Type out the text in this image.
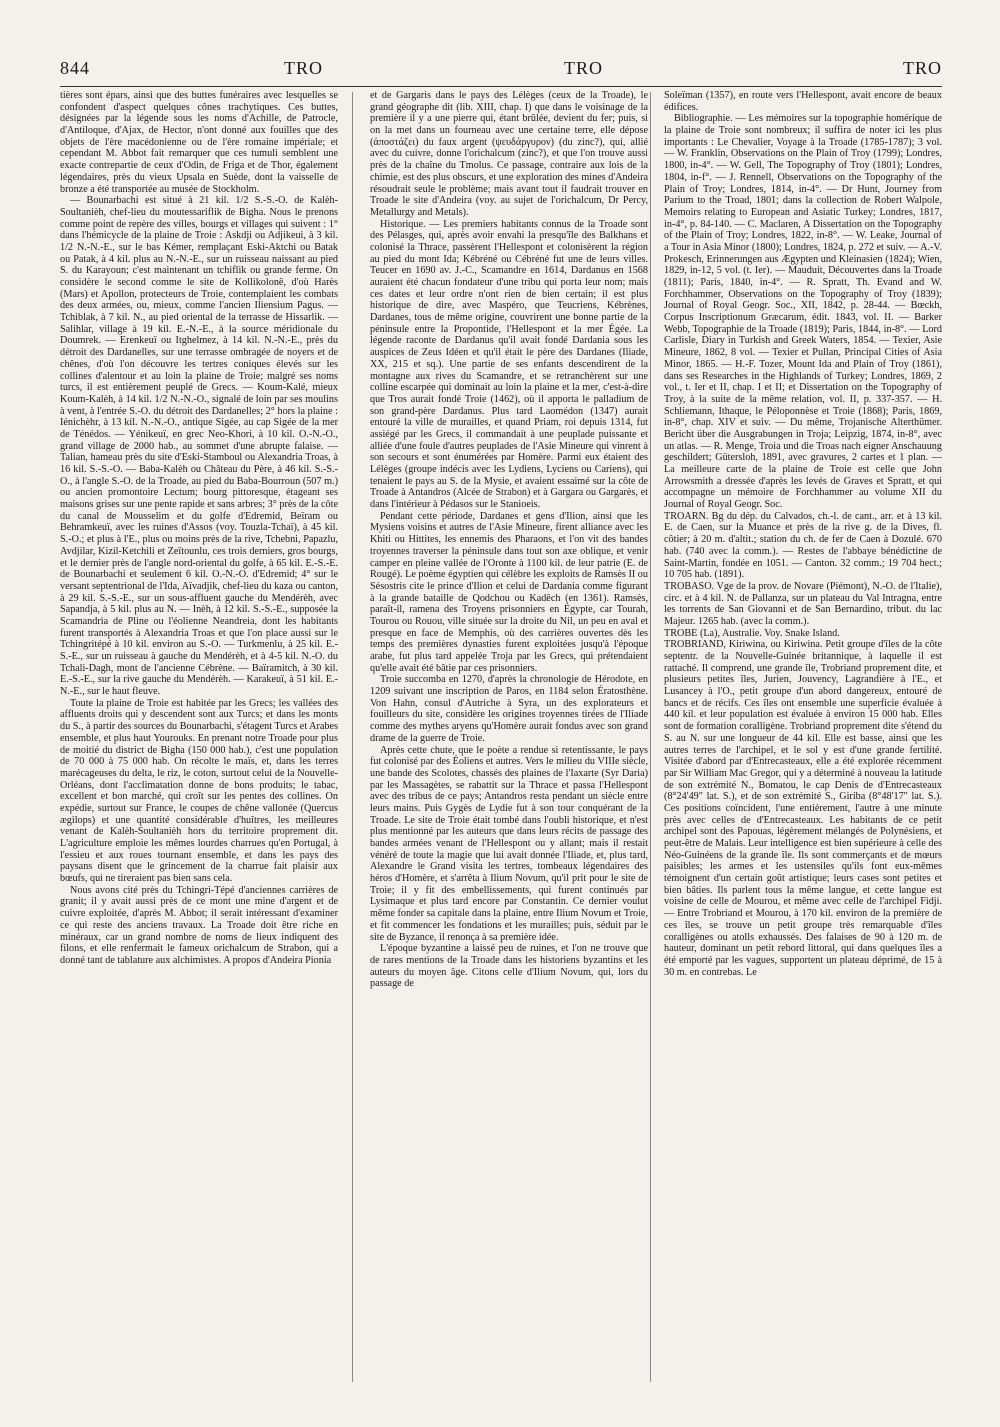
844	TRO	TRO	TRO

tières sont épars, ainsi que des buttes funéraires avec lesquelles se confondent d'aspect quelques cônes trachytiques. Ces buttes, désignées par la légende sous les noms d'Achille, de Patrocle, d'Antiloque, d'Ajax, de Hector, n'ont donné aux fouilles que des objets de l'ère macédonienne ou de l'ère romaine impériale; et cependant M. Abbot fait remarquer que ces tumuli semblent une exacte contrepartie de ceux d'Odin, de Friga et de Thor, également légendaires, près du vieux Upsala en Suède, dont la vaisselle de bronze a été transportée au musée de Stockholm.

— Bounarbachi est situé à 21 kil. 1/2 S.-S.-O. de Kalèh-Soultanièh, chef-lieu du moutessariflik de Bigha. Nous le prenons comme point de repère des villes, bourgs et villages qui suivent : 1° dans l'hémicycle de la plaine de Troie : Askdji ou Adjikeui, à 3 kil. 1/2 N.-N.-E., sur le bas Kémer, remplaçant Eski-Aktchi ou Batak ou Patak, à 4 kil. plus au N.-N.-E., sur un ruisseau naissant au pied S. du Karayoun; c'est maintenant un tchiflik ou grande ferme. On considère le second comme le site de Kollikolonê, d'où Harès (Mars) et Apollon, protecteurs de Troie, contemplaient les combats des deux armées, ou, mieux, comme l'ancien Iliensium Pagus. — Tchiblak, à 7 kil. N., au pied oriental de la terrasse de Hissarlik. — Salihlar, village à 19 kil. E.-N.-E., à la source méridionale du Doumrek. — Erenkeuï ou Itghelmez, à 14 kil. N.-N.-E., près du détroit des Dardanelles, sur une terrasse ombragée de noyers et de chênes, d'où l'on découvre les tertres coniques élevés sur les collines d'alentour et au loin la plaine de Troie; malgré ses noms turcs, il est entièrement peuplé de Grecs. — Koum-Kalé, mieux Koum-Kalèh, à 14 kil. 1/2 N.-N.-O., signalé de loin par ses moulins à vent, à l'entrée S.-O. du détroit des Dardanelles; 2° hors la plaine : Iénichèhr, à 13 kil. N.-N.-O., antique Sigée, au cap Sigée de la mer de Ténédos. — Yénikeuï, en grec Neo-Khori, à 10 kil. O.-N.-O., grand village de 2000 hab., au sommet d'une abrupte falaise. — Talian, hameau près du site d'Eski-Stamboul ou Alexandria Troas, à 16 kil. S.-S.-O. — Baba-Kalèh ou Château du Père, à 46 kil. S.-S.-O., à l'angle S.-O. de la Troade, au pied du Baba-Bourroun (507 m.) ou ancien promontoire Lectum; bourg pittoresque, étageant ses maisons grises sur une pente rapide et sans arbres; 3° près de la côte du canal de Mousselim et du golfe d'Edremid, Beïram ou Behramkeuï, avec les ruines d'Assos (voy. Touzla-Tchaï), à 45 kil. S.-O.; et plus à l'E., plus ou moins près de la rive, Tchebni, Papazlu, Avdjilar, Kizil-Ketchili et Zeïtounlu, ces trois derniers, gros bourgs, et le dernier près de l'angle nord-oriental du golfe, à 65 kil. E.-S.-E. de Bounarbachi et seulement 6 kil. O.-N.-O. d'Edremid; 4° sur le versant septentrional de l'Ida, Aïvadjik, chef-lieu du kaza ou canton, à 29 kil. S.-S.-E., sur un sous-affluent gauche du Mendérèh, avec Sapandja, à 5 kil. plus au N. — Inèh, à 12 kil. S.-S.-E., supposée la Scamandria de Pline ou l'éolienne Neandreia, dont les habitants furent transportés à Alexandria Troas et que l'on place aussi sur le Tchingritépé à 10 kil. environ au S.-O. — Turkmenlu, à 25 kil. E.-S.-E., sur un ruisseau à gauche du Mendérèh, et à 4-5 kil. N.-O. du Tchali-Dagh, mont de l'ancienne Cébrène. — Baïramitch, à 30 kil. E.-S.-E., sur la rive gauche du Mendérèh. — Karakeuï, à 51 kil. E.-N.-E., sur le haut fleuve.

Toute la plaine de Troie est habitée par les Grecs; les vallées des affluents droits qui y descendent sont aux Turcs; et dans les monts du S., à partir des sources du Bounarbachi, s'étagent Turcs et Arabes ensemble, et plus haut Yourouks. En prenant notre Troade pour plus de moitié du district de Bigha (150 000 hab.), c'est une population de 70 000 à 75 000 hab. On récolte le maïs, et, dans les terres marécageuses du delta, le riz, le coton, surtout celui de la Nouvelle-Orléans, dont l'acclimatation donne de bons produits; le tabac, excellent et bon marché, qui croît sur les pentes des collines. On expédie, surtout sur France, le coupes de chêne vallonée (Quercus ægilops) et une quantité considérable d'huîtres, les meilleures venant de Kalèh-Soultanièh hors du territoire proprement dit. L'agriculture emploie les mêmes lourdes charrues qu'en Portugal, à l'essieu et aux roues tournant ensemble, et dans les pays des paysans disent que le grincement de la charrue fait plaisir aux bœufs, qui ne tireraient pas bien sans cela.

Nous avons cité près du Tchingri-Tépé d'anciennes carrières de granit; il y avait aussi près de ce mont une mine d'argent et de cuivre exploitée, d'après M. Abbot; il serait intéressant d'examiner ce qui reste des anciens travaux. La Troade doit être riche en minéraux, car un grand nombre de noms de lieux indiquent des filons, et elle renfermait le fameux orichalcum de Strabon, qui a donné tant de tablature aux alchimistes. A propos d'Andeira Pionia

et de Gargaris dans le pays des Lélèges (ceux de la Troade), le grand géographe dit (lib. XIII, chap. I) que dans le voisinage de la première il y a une pierre qui, étant brûlée, devient du fer; puis, si on la met dans un fourneau avec une certaine terre, elle dépose (ἀποστάζει) du faux argent (ψευδάργυρον) (du zinc?), qui, allié avec du cuivre, donne l'orichalcum (zinc?), et que l'on trouve aussi près de la chaîne du Tmolus. Ce passage, contraire aux lois de la chimie, est des plus obscurs, et une exploration des mines d'Andeira résoudrait seule le problème; mais avant tout il faudrait trouver en Troade le site d'Andeira (voy. au sujet de l'orichalcum, Dr Percy, Metallurgy and Metals).

Historique. — Les premiers habitants connus de la Troade sont des Pélasges, qui, après avoir envahi la presqu'île des Balkhans et colonisé la Thrace, passèrent l'Hellespont et colonisèrent la région au pied du mont Ida; Kébréné ou Cébréné fut une de leurs villes. Teucer en 1690 av. J.-C., Scamandre en 1614, Dardanus en 1568 auraient été chacun fondateur d'une tribu qui porta leur nom; mais ces dates et leur ordre n'ont rien de bien certain; il est plus historique de dire, avec Maspéro, que Teucriens, Kébrènes, Dardanes, tous de même origine, couvrirent une bonne partie de la péninsule entre la Propontide, l'Hellespont et la mer Égée. La légende raconte de Dardanus qu'il avait fondé Dardania sous les auspices de Zeus Idéen et qu'il était le père des Dardanes (Iliade, XX, 215 et sq.). Une partie de ses enfants descendirent de la montagne aux rives du Scamandre, et se retranchèrent sur une colline escarpée qui dominait au loin la plaine et la mer, c'est-à-dire que Tros aurait fondé Troie (1462), où il apporta le palladium de son grand-père Dardanus. Plus tard Laomédon (1347) aurait entouré la ville de murailles, et quand Priam, roi depuis 1314, fut assiégé par les Grecs, il commandait à une peuplade puissante et alliée d'une foule d'autres peuplades de l'Asie Mineure qui vinrent à son secours et sont énumérées par Homère. Parmi eux étaient des Lélèges (groupe indécis avec les Lydiens, Lyciens ou Cariens), qui tenaient le pays au S. de la Mysie, et avaient essaimé sur la côte de Troade à Antandros (Alcée de Strabon) et à Gargara ou Gargarès, et dans l'intérieur à Pédasos sur le Stanioeis.

Pendant cette période, Dardanes et gens d'Ilion, ainsi que les Mysiens voisins et autres de l'Asie Mineure, firent alliance avec les Khiti ou Hittites, les ennemis des Pharaons, et l'on vit des bandes troyennes traverser la péninsule dans tout son axe oblique, et venir camper en pleine vallée de l'Oronte à 1100 kil. de leur patrie (E. de Rougé). Le poème égyptien qui célèbre les exploits de Ramsès II ou Sésostris cite le prince d'Ilion et celui de Dardania comme figurant à la grande bataille de Qodchou ou Kadêch (en 1361). Ramsès, paraît-il, ramena des Troyens prisonniers en Égypte, car Tourah, Tourou ou Rouou, ville située sur la droite du Nil, un peu en aval et presque en face de Memphis, où des carrières ouvertes dès les temps des premières dynasties furent exploitées jusqu'à l'époque arabe, fut plus tard appelée Troja par les Grecs, qui prétendaient qu'elle avait été bâtie par ces prisonniers.

Troie succomba en 1270, d'après la chronologie de Hérodote, en 1209 suivant une inscription de Paros, en 1184 selon Ératosthène. Von Hahn, consul d'Autriche à Syra, un des explorateurs et fouilleurs du site, considère les origines troyennes tirées de l'Iliade comme des mythes aryens qu'Homère aurait fondus avec son grand drame de la guerre de Troie.

Après cette chute, que le poète a rendue si retentissante, le pays fut colonisé par des Éoliens et autres. Vers le milieu du VIIIe siècle, une bande des Scolotes, chassés des plaines de l'Iaxarte (Syr Daria) par les Massagètes, se rabattit sur la Thrace et passa l'Hellespont avec des tribus de ce pays; Antandros resta pendant un siècle entre leurs mains. Puis Gygès de Lydie fut à son tour conquérant de la Troade. Le site de Troie était tombé dans l'oubli historique, et n'est plus mentionné par les auteurs que dans leurs récits de passage des bandes armées venant de l'Hellespont ou y allant; mais il restait vénéré de toute la magie que lui avait donnée l'Iliade, et, plus tard, Alexandre le Grand visita les tertres, tombeaux légendaires des héros d'Homère, et s'arrêta à Ilium Novum, qu'il prit pour le site de Troie; il y fit des embellissements, qui furent continués par Lysimaque et plus tard encore par Constantin. Ce dernier voulut même fonder sa capitale dans la plaine, entre Ilium Novum et Troie, et fit commencer les fondations et les murailles; puis, séduit par le site de Byzance, il renonça à sa première idée.

L'époque byzantine a laissé peu de ruines, et l'on ne trouve que de rares mentions de la Troade dans les historiens byzantins et les auteurs du moyen âge. Citons celle d'Ilium Novum, qui, lors du passage de

Soleïman (1357), en route vers l'Hellespont, avait encore de beaux édifices.

Bibliographie. — Les mémoires sur la topographie homérique de la plaine de Troie sont nombreux; il suffira de noter ici les plus importants : Le Chevalier, Voyage à la Troade (1785-1787); 3 vol. — W. Franklin, Observations on the Plain of Troy (1799); Londres, 1800, in-4°. — W. Gell, The Topography of Troy (1801); Londres, 1804, in-f°. — J. Rennell, Observations on the Topography of the Plain of Troy; Londres, 1814, in-4°. — Dr Hunt, Journey from Parium to the Troad, 1801; dans la collection de Robert Walpole, Memoirs relating to European and Asiatic Turkey; Londres, 1817, in-4°, p. 84-140. — C. Maclaren, A Dissertation on the Topography of the Plain of Troy; Londres, 1822, in-8°. — W. Leake, Journal of a Tour in Asia Minor (1800); Londres, 1824, p. 272 et suiv. — A.-V. Prokesch, Erinnerungen aus Ægypten und Kleinasien (1824); Wien, 1829, in-12, 5 vol. (t. Ier). — Mauduit, Découvertes dans la Troade (1811); Paris, 1840, in-4°. — R. Spratt, Th. Evand and W. Forchhammer, Observations on the Topography of Troy (1839); Journal of Royal Geogr. Soc., XII, 1842, p. 28-44. — Bœckh, Corpus Inscriptionum Græcarum, édit. 1843, vol. II. — Barker Webb, Topographie de la Troade (1819); Paris, 1844, in-8°. — Lord Carlisle, Diary in Turkish and Greek Waters, 1854. — Texier, Asie Mineure, 1862, 8 vol. — Texier et Pullan, Principal Cities of Asia Minor, 1865. — H.-F. Tozer, Mount Ida and Plain of Troy (1861), dans ses Researches in the Highlands of Turkey; Londres, 1869, 2 vol., t. Ier et II, chap. I et II; et Dissertation on the Topography of Troy, à la suite de la même relation, vol. II, p. 337-357. — H. Schliemann, Ithaque, le Péloponnèse et Troie (1868); Paris, 1869, in-8°, chap. XIV et suiv. — Du même, Trojanische Alterthümer. Bericht über die Ausgrabungen in Troja; Leipzig, 1874, in-8°, avec un atlas. — R. Menge, Troia und die Troas nach eigner Anschauung geschildert; Gütersloh, 1891, avec gravures, 2 cartes et 1 plan. — La meilleure carte de la plaine de Troie est celle que John Arrowsmith a dressée d'après les levés de Graves et Spratt, et qui accompagne un mémoire de Forchhammer au volume XII du Journal of Royal Geogr. Soc.

TROARN. Bg du dép. du Calvados, ch.-l. de cant., arr. et à 13 kil. E. de Caen, sur la Muance et près de la rive g. de la Dives, fl. côtier; à 20 m. d'altit.; station du ch. de fer de Caen à Dozulé. 670 hab. (740 avec la comm.). — Restes de l'abbaye bénédictine de Saint-Martin, fondée en 1051. — Canton. 32 comm.; 19 704 hect.; 10 705 hab. (1891).

TROBASO. Vge de la prov. de Novare (Piémont), N.-O. de l'Italie), circ. et à 4 kil. N. de Pallanza, sur un plateau du Val Intragna, entre les torrents de San Giovanni et de San Bernardino, tribut. du lac Majeur. 1265 hab. (avec la comm.).

TROBE (La), Australie. Voy. Snake Island.

TROBRIAND, Kiriwina, ou Kiriwina. Petit groupe d'îles de la côte septentr. de la Nouvelle-Guinée britannique, à laquelle il est rattaché. Il comprend, une grande île, Trobriand proprement dite, et plusieurs petites îles, Jurien, Jouvency, Lagrandière à l'E., et Lusancey à l'O., petit groupe d'un abord dangereux, entouré de bancs et de récifs. Ces îles ont ensemble une superficie évaluée à 440 kil. et leur population est évaluée à environ 15 000 hab. Elles sont de formation coralligène. Trobriand proprement dite s'étend du S. au N. sur une longueur de 44 kil. Elle est basse, ainsi que les autres terres de l'archipel, et le sol y est d'une grande fertilité. Visitée d'abord par d'Entrecasteaux, elle a été explorée récemment par Sir William Mac Gregor, qui y a déterminé à nouveau la latitude de son extrémité N., Bomatou, le cap Denis de d'Entrecasteaux (8°24'49" lat. S.), et de son extrémité S., Giriba (8°48'17" lat. S.). Ces positions coïncident, l'une entièrement, l'autre à une minute près avec celles de d'Entrecasteaux. Les habitants de ce petit archipel sont des Papouas, légèrement mélangés de Polynésiens, et peut-être de Malais. Leur intelligence est bien supérieure à celle des Néo-Guinéens de la grande île. Ils sont commerçants et de mœurs paisibles; les armes et les ustensiles qu'ils font eux-mêmes témoignent d'un certain goût artistique; leurs cases sont petites et bien bâties. Ils parlent tous la même langue, et cette langue est voisine de celle de Mourou, et même avec celle de l'archipel Fidji. — Entre Trobriand et Mourou, à 170 kil. environ de la première de ces îles, se trouve un petit groupe très remarquable d'îles coralligènes ou atolls exhaussés. Des falaises de 90 à 120 m. de hauteur, dominant un petit rebord littoral, qui dans quelques îles a été emporté par les vagues, supportent un plateau déprimé, de 15 à 30 m. en contrebas. Le
